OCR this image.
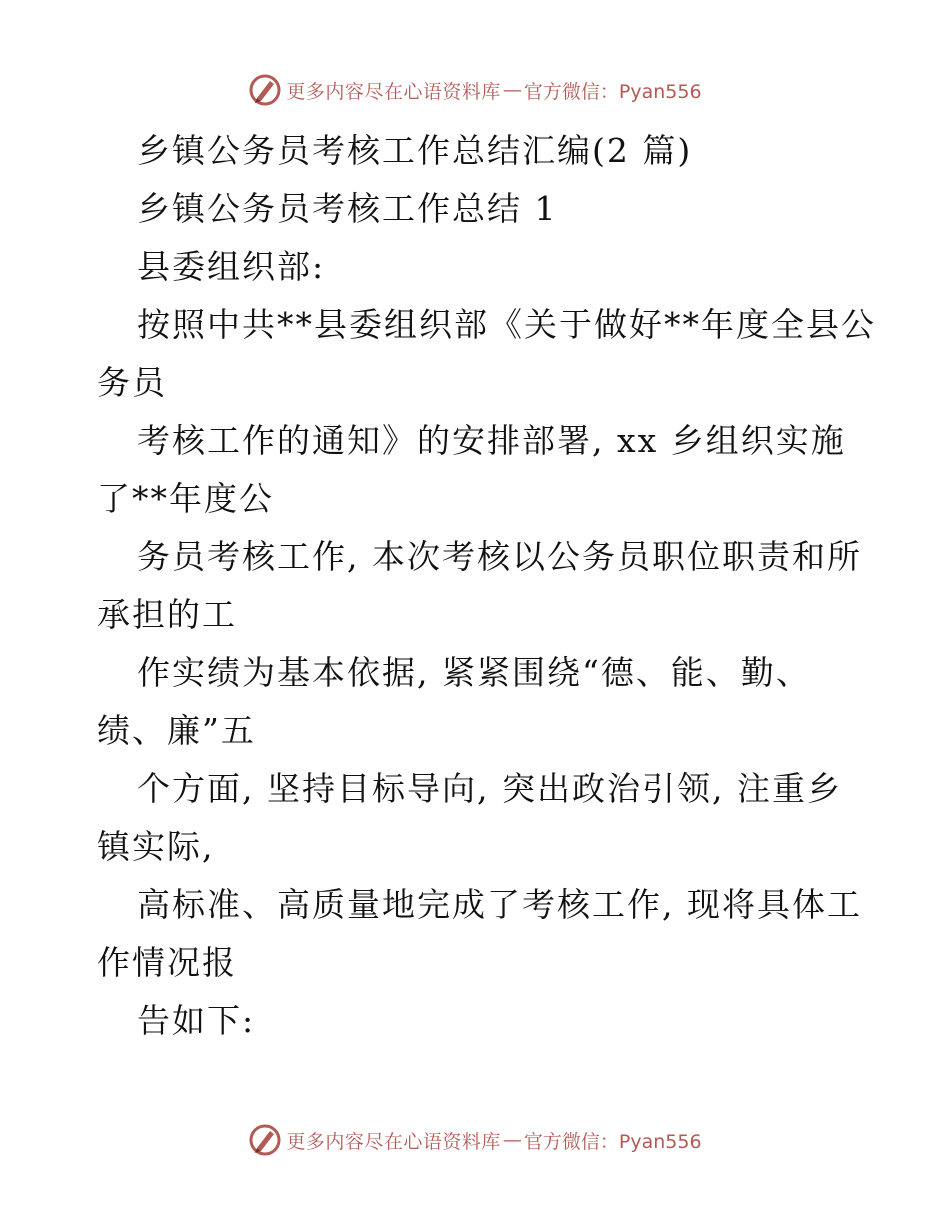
更多内容尽在心语资料库 — 官方微信：Pyan556
乡镇公务员考核工作总结汇编(2 篇)
乡镇公务员考核工作总结 1
县委组织部:
按照中共**县委组织部《关于做好**年度全县公
务员
考核工作的通知》的安排部署, xx 乡组织实施
了**年度公
务员考核工作, 本次考核以公务员职位职责和所
承担的工
作实绩为基本依据, 紧紧围绕“德、能、勤、
绩、廉”五
个方面, 坚持目标导向, 突出政治引领, 注重乡
镇实际,
高标准、高质量地完成了考核工作, 现将具体工
作情况报
告如下:
更多内容尽在心语资料库 — 官方微信：Pyan556
